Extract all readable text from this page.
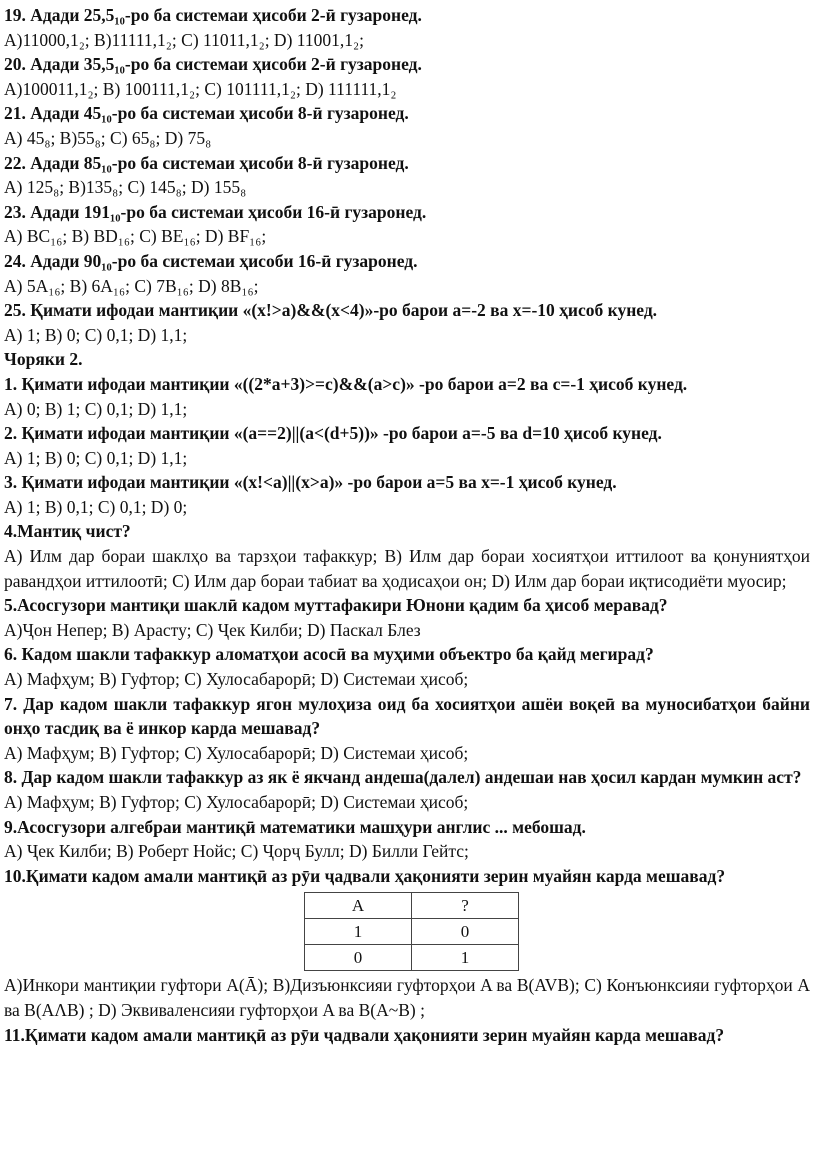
19. Адади 25,5₁₀-ро ба системаи ҳисоби 2-ӣ гузаронед.
A)11000,1₂; B)11111,1₂; C) 11011,1₂; D) 11001,1₂;
20. Адади 35,5₁₀-ро ба системаи ҳисоби 2-ӣ гузаронед.
A)100011,1₂; B) 100111,1₂; C) 101111,1₂; D) 111111,1₂
21. Адади 45₁₀-ро ба системаи ҳисоби 8-ӣ гузаронед.
A) 45₈; B)55₈; C) 65₈; D) 75₈
22. Адади 85₁₀-ро ба системаи ҳисоби 8-ӣ гузаронед.
A) 125₈; B)135₈; C) 145₈; D) 155₈
23. Адади 191₁₀-ро ба системаи ҳисоби 16-ӣ гузаронед.
A) BC₁₆; B) BD₁₆; C) BE₁₆; D) BF₁₆;
24. Адади 90₁₀-ро ба системаи ҳисоби 16-ӣ гузаронед.
A) 5A₁₆; B) 6A₁₆; C) 7B₁₆; D) 8B₁₆;
25. Қимати ифодаи мантиқии «(x!>a)&&(x<4)»-ро барои a=-2 ва x=-10 ҳисоб кунед.
A) 1; B) 0; C) 0,1; D) 1,1;
Чоряки 2.
1. Қимати ифодаи мантиқии «((2*a+3)>=c)&&(a>c)» -ро барои a=2 ва c=-1 ҳисоб кунед.
A) 0; B) 1; C) 0,1; D) 1,1;
2. Қимати ифодаи мантиқии «(a==2)||(a<(d+5))» -ро барои a=-5 ва d=10 ҳисоб кунед.
A) 1; B) 0; C) 0,1; D) 1,1;
3. Қимати ифодаи мантиқии «(x!<a)||(x>a)» -ро барои a=5 ва x=-1 ҳисоб кунед.
A) 1; B) 0,1; C) 0,1; D) 0;
4.Мантиқ чист?
A) Илм дар бораи шаклҳо ва тарзҳои тафаккур; B) Илм дар бораи хосиятҳои иттилоот ва қонуниятҳои равандҳои иттилоотӣ; C) Илм дар бораи табиат ва ҳодисаҳои он; D) Илм дар бораи иқтисодиёти муосир;
5.Асосгузори мантиқи шаклӣ кадом муттафакири Юнони қадим ба ҳисоб меравад?
A)Ҷон Непер; B) Арасту; C) Ҷек Килби; D) Паскал Блез
6. Кадом шакли тафаккур аломатҳои асосӣ ва муҳими объектро ба қайд мегирад?
A) Мафҳум; B) Гуфтор; C) Хулосабарорӣ; D) Системаи ҳисоб;
7. Дар кадом шакли тафаккур ягон мулоҳиза оид ба хосиятҳои ашёи воқеӣ ва муносибатҳои байни онҳо тасдиқ ва ё инкор карда мешавад?
A) Мафҳум; B) Гуфтор; C) Хулосабарорӣ; D) Системаи ҳисоб;
8. Дар кадом шакли тафаккур аз як ё якчанд андеша(далел) андешаи нав ҳосил кардан мумкин аст?
A) Мафҳум; B) Гуфтор; C) Хулосабарорӣ; D) Системаи ҳисоб;
9.Асосгузори алгебраи мантиқӣ математики машҳури англис ... мебошад.
A) Ҷек Килби; B) Роберт Нойс; C) Ҷорҷ Булл; D) Билли Гейтс;
10.Қимати кадом амали мантиқӣ аз рӯи ҷадвали ҳақонияти зерин муайян карда мешавад?
A	?
1	0
0	1
A)Инкори мантиқии гуфтори A(Ā); B)Дизъюнксияи гуфторҳои A ва B(AVB); C) Конъюнксияи гуфторҳои A ва B(AΛB) ; D) Эквиваленсияи гуфторҳои A ва B(A~B) ;
11.Қимати кадом амали мантиқӣ аз рӯи ҷадвали ҳақонияти зерин муайян карда мешавад?
